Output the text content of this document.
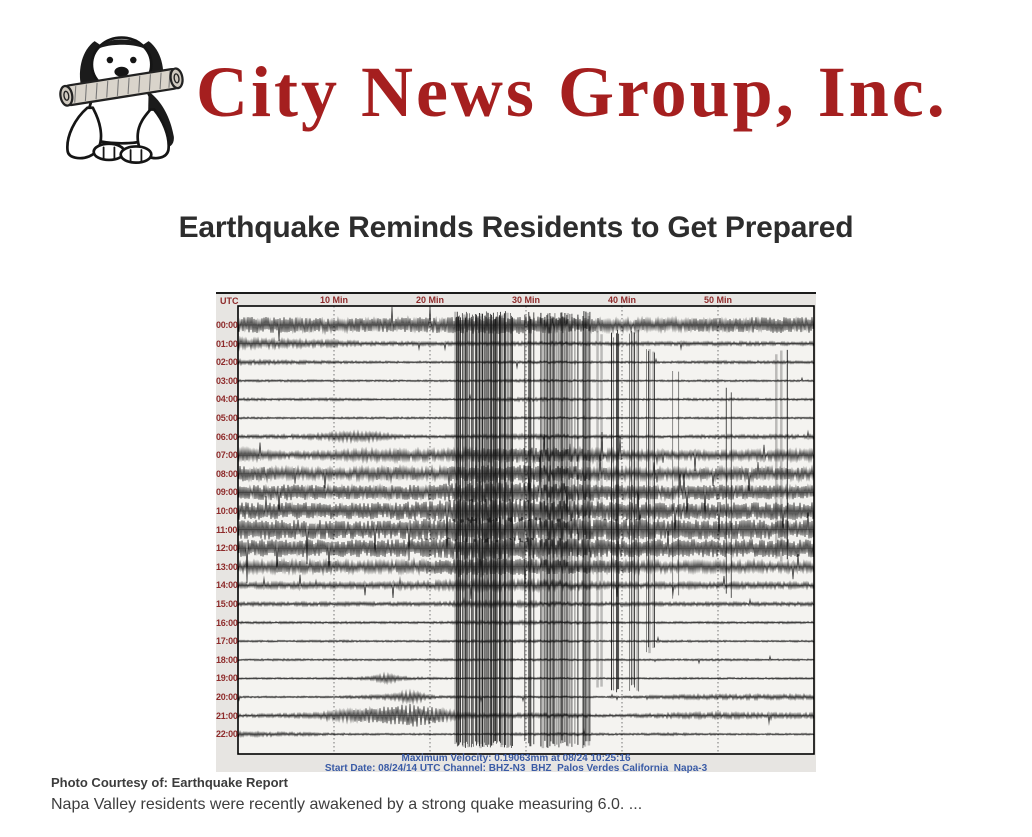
City News Group, Inc.
Earthquake Reminds Residents to Get Prepared
UTC	10 Min	20 Min	30 Min	40 Min	50 Min
00:00
01:00
02:00
03:00
04:00
05:00
06:00
07:00
08:00
09:00
10:00
11:00
12:00
13:00
14:00
15:00
16:00
17:00
18:00
19:00
20:00
21:00
22:00
Maximum Velocity: 0.19063mm at 08/24 10:25:16
Start Date: 08/24/14 UTC Channel: BHZ-N3  BHZ  Palos Verdes California  Napa-3
Photo Courtesy of: Earthquake Report
Napa Valley residents were recently awakened by a strong quake measuring 6.0. ...
